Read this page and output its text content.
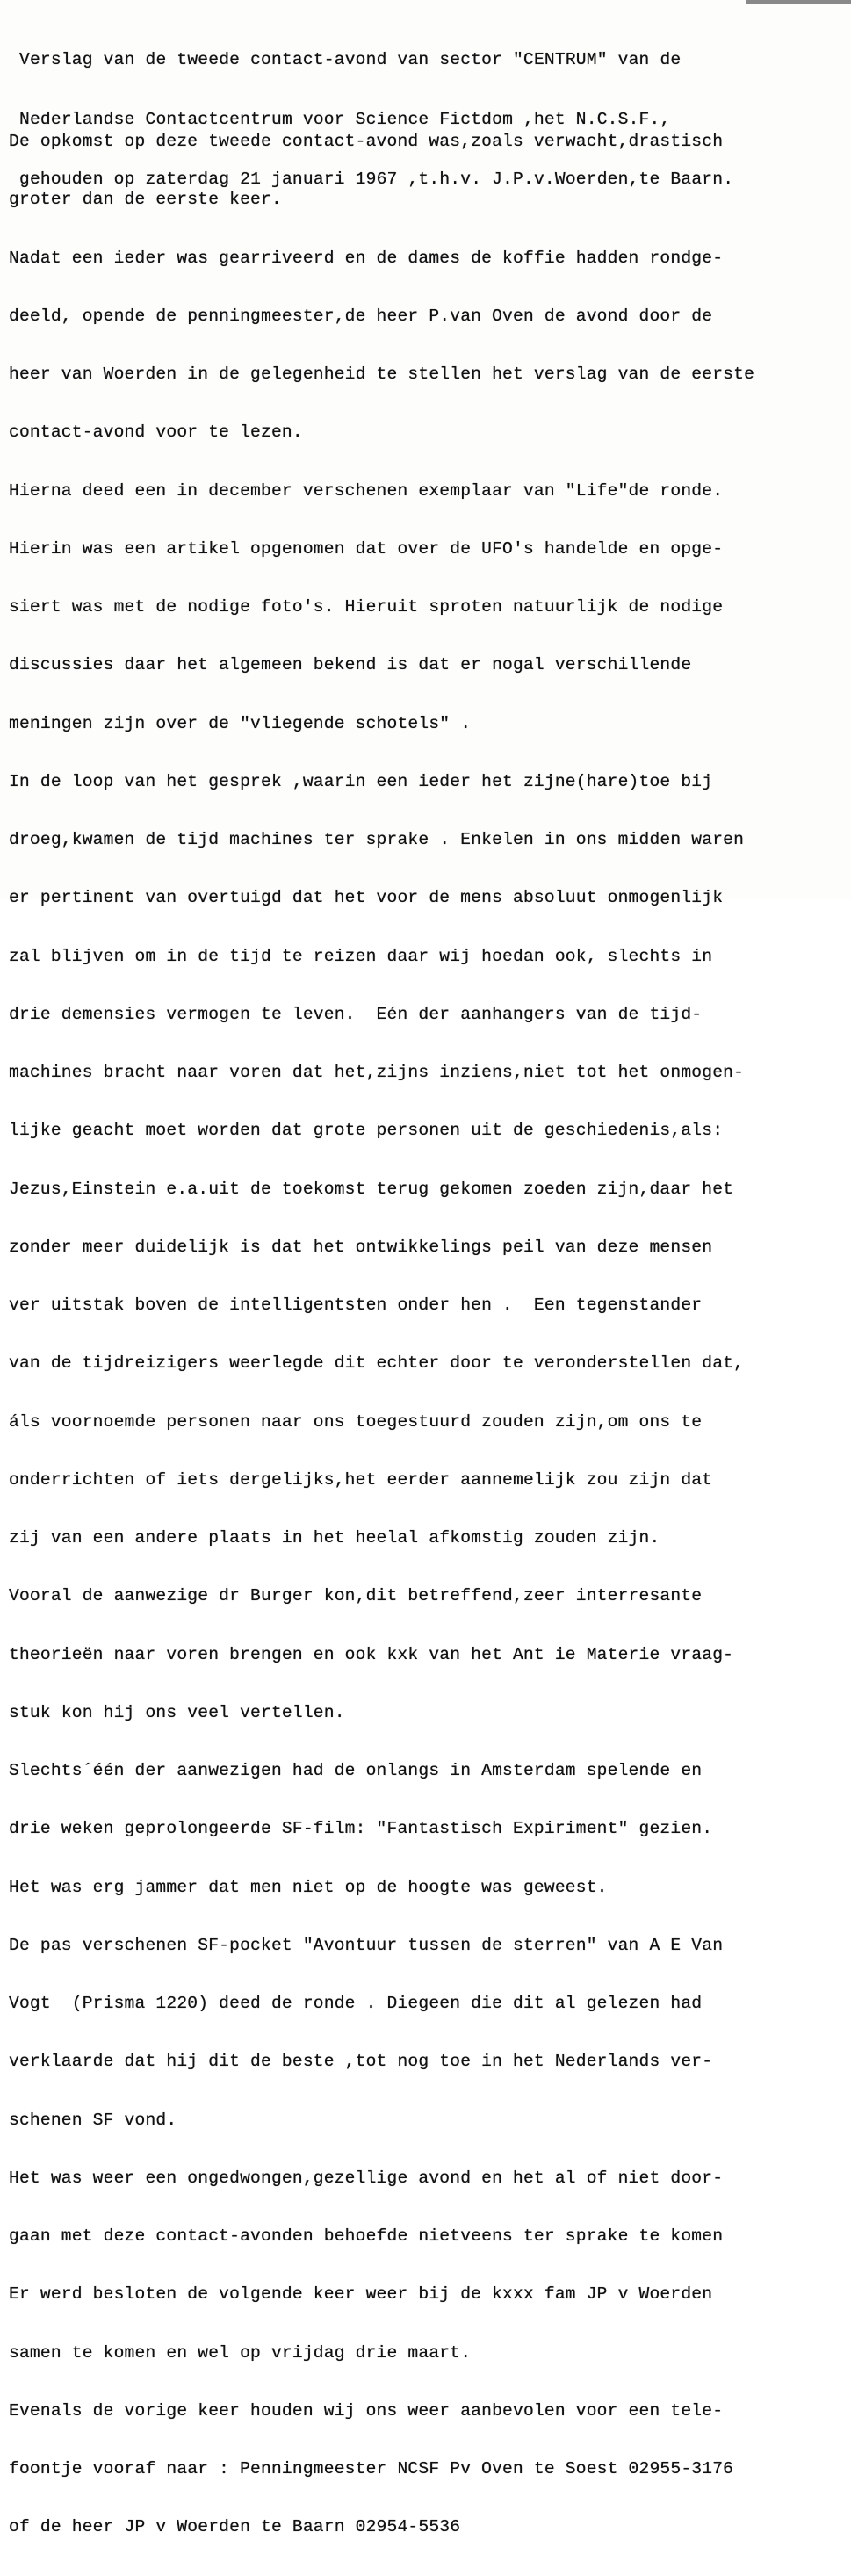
Verslag van de tweede contact-avond van sector "CENTRUM" van de

Nederlandse Contactcentrum voor Science Fictdom ,het N.C.S.F.,

gehouden op zaterdag 21 januari 1967 ,t.h.v. J.P.v.Woerden,te Baarn.

De opkomst op deze tweede contact-avond was,zoals verwacht,drastisch

groter dan de eerste keer.

Nadat een ieder was gearriveerd en de dames de koffie hadden rondge-

deeld, opende de penningmeester,de heer P.van Oven de avond door de

heer van Woerden in de gelegenheid te stellen het verslag van de eerste

contact-avond voor te lezen.

Hierna deed een in december verschenen exemplaar van "Life"de ronde.

Hierin was een artikel opgenomen dat over de UFO's handelde en opge-

siert was met de nodige foto's. Hieruit sproten natuurlijk de nodige

discussies daar het algemeen bekend is dat er nogal verschillende

meningen zijn over de "vliegende schotels" .

In de loop van het gesprek ,waarin een ieder het zijne(hare)toe bij

droeg,kwamen de tijd machines ter sprake . Enkelen in ons midden waren

er pertinent van overtuigd dat het voor de mens absoluut onmogenlijk

zal blijven om in de tijd te reizen daar wij hoedan ook, slechts in

drie demensies vermogen te leven.  Eén der aanhangers van de tijd-

machines bracht naar voren dat het,zijns inziens,niet tot het onmogen-

lijke geacht moet worden dat grote personen uit de geschiedenis,als:

Jezus,Einstein e.a.uit de toekomst terug gekomen zoeden zijn,daar het

zonder meer duidelijk is dat het ontwikkelings peil van deze mensen

ver uitstak boven de intelligentsten onder hen .  Een tegenstander

van de tijdreizigers weerlegde dit echter door te veronderstellen dat,

áls voornoemde personen naar ons toegestuurd zouden zijn,om ons te

onderrichten of iets dergelijks,het eerder aannemelijk zou zijn dat

zij van een andere plaats in het heelal afkomstig zouden zijn.

Vooral de aanwezige dr Burger kon,dit betreffend,zeer interresante

theorieën naar voren brengen en ook kxk van het Ant ie Materie vraag-

stuk kon hij ons veel vertellen.

Slechts´één der aanwezigen had de onlangs in Amsterdam spelende en

drie weken geprolongeerde SF-film: "Fantastisch Expiriment" gezien.

Het was erg jammer dat men niet op de hoogte was geweest.

De pas verschenen SF-pocket "Avontuur tussen de sterren" van A E Van

Vogt  (Prisma 1220) deed de ronde . Diegeen die dit al gelezen had

verklaarde dat hij dit de beste ,tot nog toe in het Nederlands ver-

schenen SF vond.

Het was weer een ongedwongen,gezellige avond en het al of niet door-

gaan met deze contact-avonden behoefde nietveens ter sprake te komen

Er werd besloten de volgende keer weer bij de kxxx fam JP v Woerden

samen te komen en wel op vrijdag drie maart.

Evenals de vorige keer houden wij ons weer aanbevolen voor een tele-

foontje vooraf naar : Penningmeester NCSF Pv Oven te Soest 02955-3176

of de heer JP v Woerden te Baarn 02954-5536
